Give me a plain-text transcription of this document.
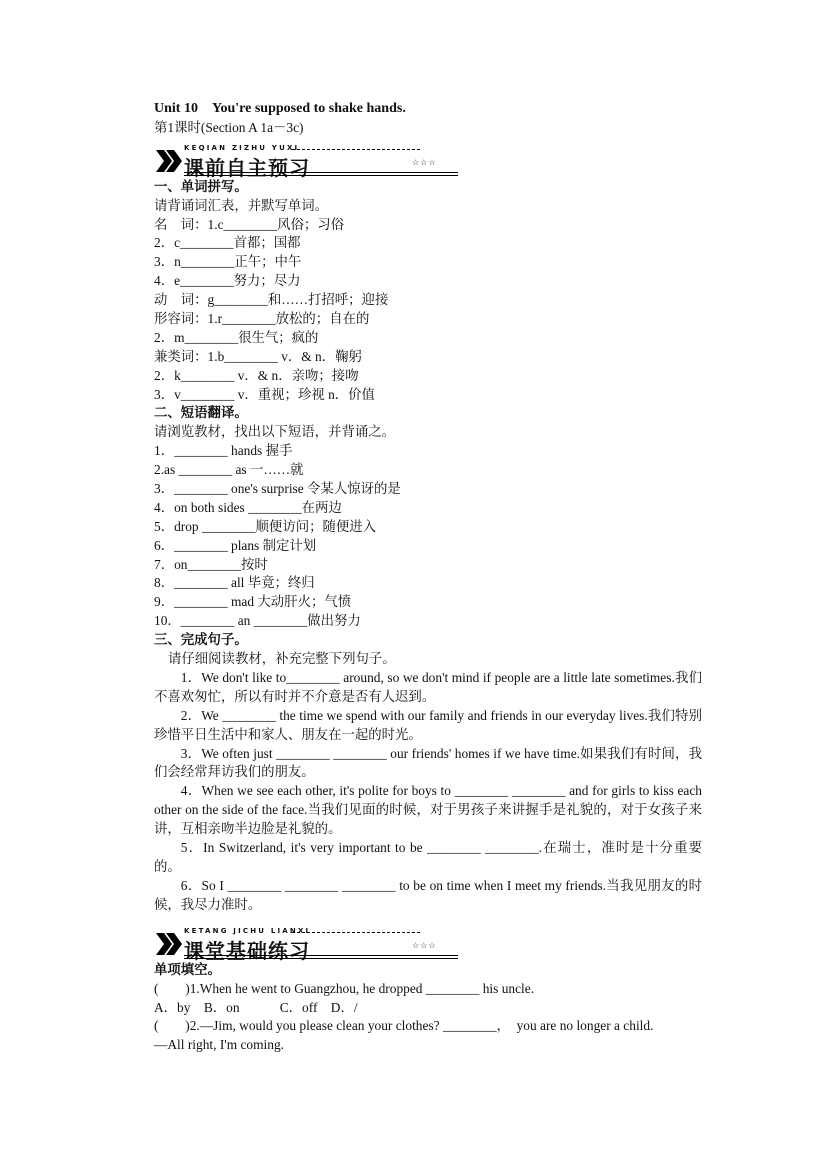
Unit 10　You're supposed to shake hands.
第1课时(Section A 1a－3c)
KEQIAN ZIZHU YUXI
课前自主预习	☆☆☆
一、单词拼写。
请背诵词汇表，并默写单词。
名　词：1.c________风俗；习俗
2．c________首都；国都
3．n________正午；中午
4．e________努力；尽力
动　词：g________和……打招呼；迎接
形容词：1.r________放松的；自在的
2．m________很生气；疯的
兼类词：1.b________ v．& n．鞠躬
2．k________ v．& n．亲吻；接吻
3．v________ v．重视；珍视 n．价值
二、短语翻译。
请浏览教材，找出以下短语，并背诵之。
1．________ hands 握手
2.as ________ as 一……就
3．________ one's surprise 令某人惊讶的是
4．on both sides ________在两边
5．drop ________顺便访问；随便进入
6．________ plans 制定计划
7．on________按时
8．________ all 毕竟；终归
9．________ mad 大动肝火；气愤
10．________ an ________做出努力
三、完成句子。
请仔细阅读教材，补充完整下列句子。
1．We don't like to________ around, so we don't mind if people are a little late sometimes.我们不喜欢匆忙，所以有时并不介意是否有人迟到。
2．We ________ the time we spend with our family and friends in our everyday lives.我们特别珍惜平日生活中和家人、朋友在一起的时光。
3．We often just ________ ________ our friends' homes if we have time.如果我们有时间，我们会经常拜访我们的朋友。
4．When we see each other, it's polite for boys to ________ ________ and for girls to kiss each other on the side of the face.当我们见面的时候，对于男孩子来讲握手是礼貌的，对于女孩子来讲，互相亲吻半边脸是礼貌的。
5．In Switzerland, it's very important to be ________ ________.在瑞士，准时是十分重要的。
6．So I ________ ________ ________ to be on time when I meet my friends.当我见朋友的时候，我尽力准时。
KETANG JICHU LIANXI
课堂基础练习	☆☆☆
单项填空。
(　　)1.When he went to Guangzhou, he dropped ________ his uncle.
A．by　B．on　　　C．off　D．/
(　　)2.—Jim, would you please clean your clothes? ________，　you are no longer a child.
—All right, I'm coming.
